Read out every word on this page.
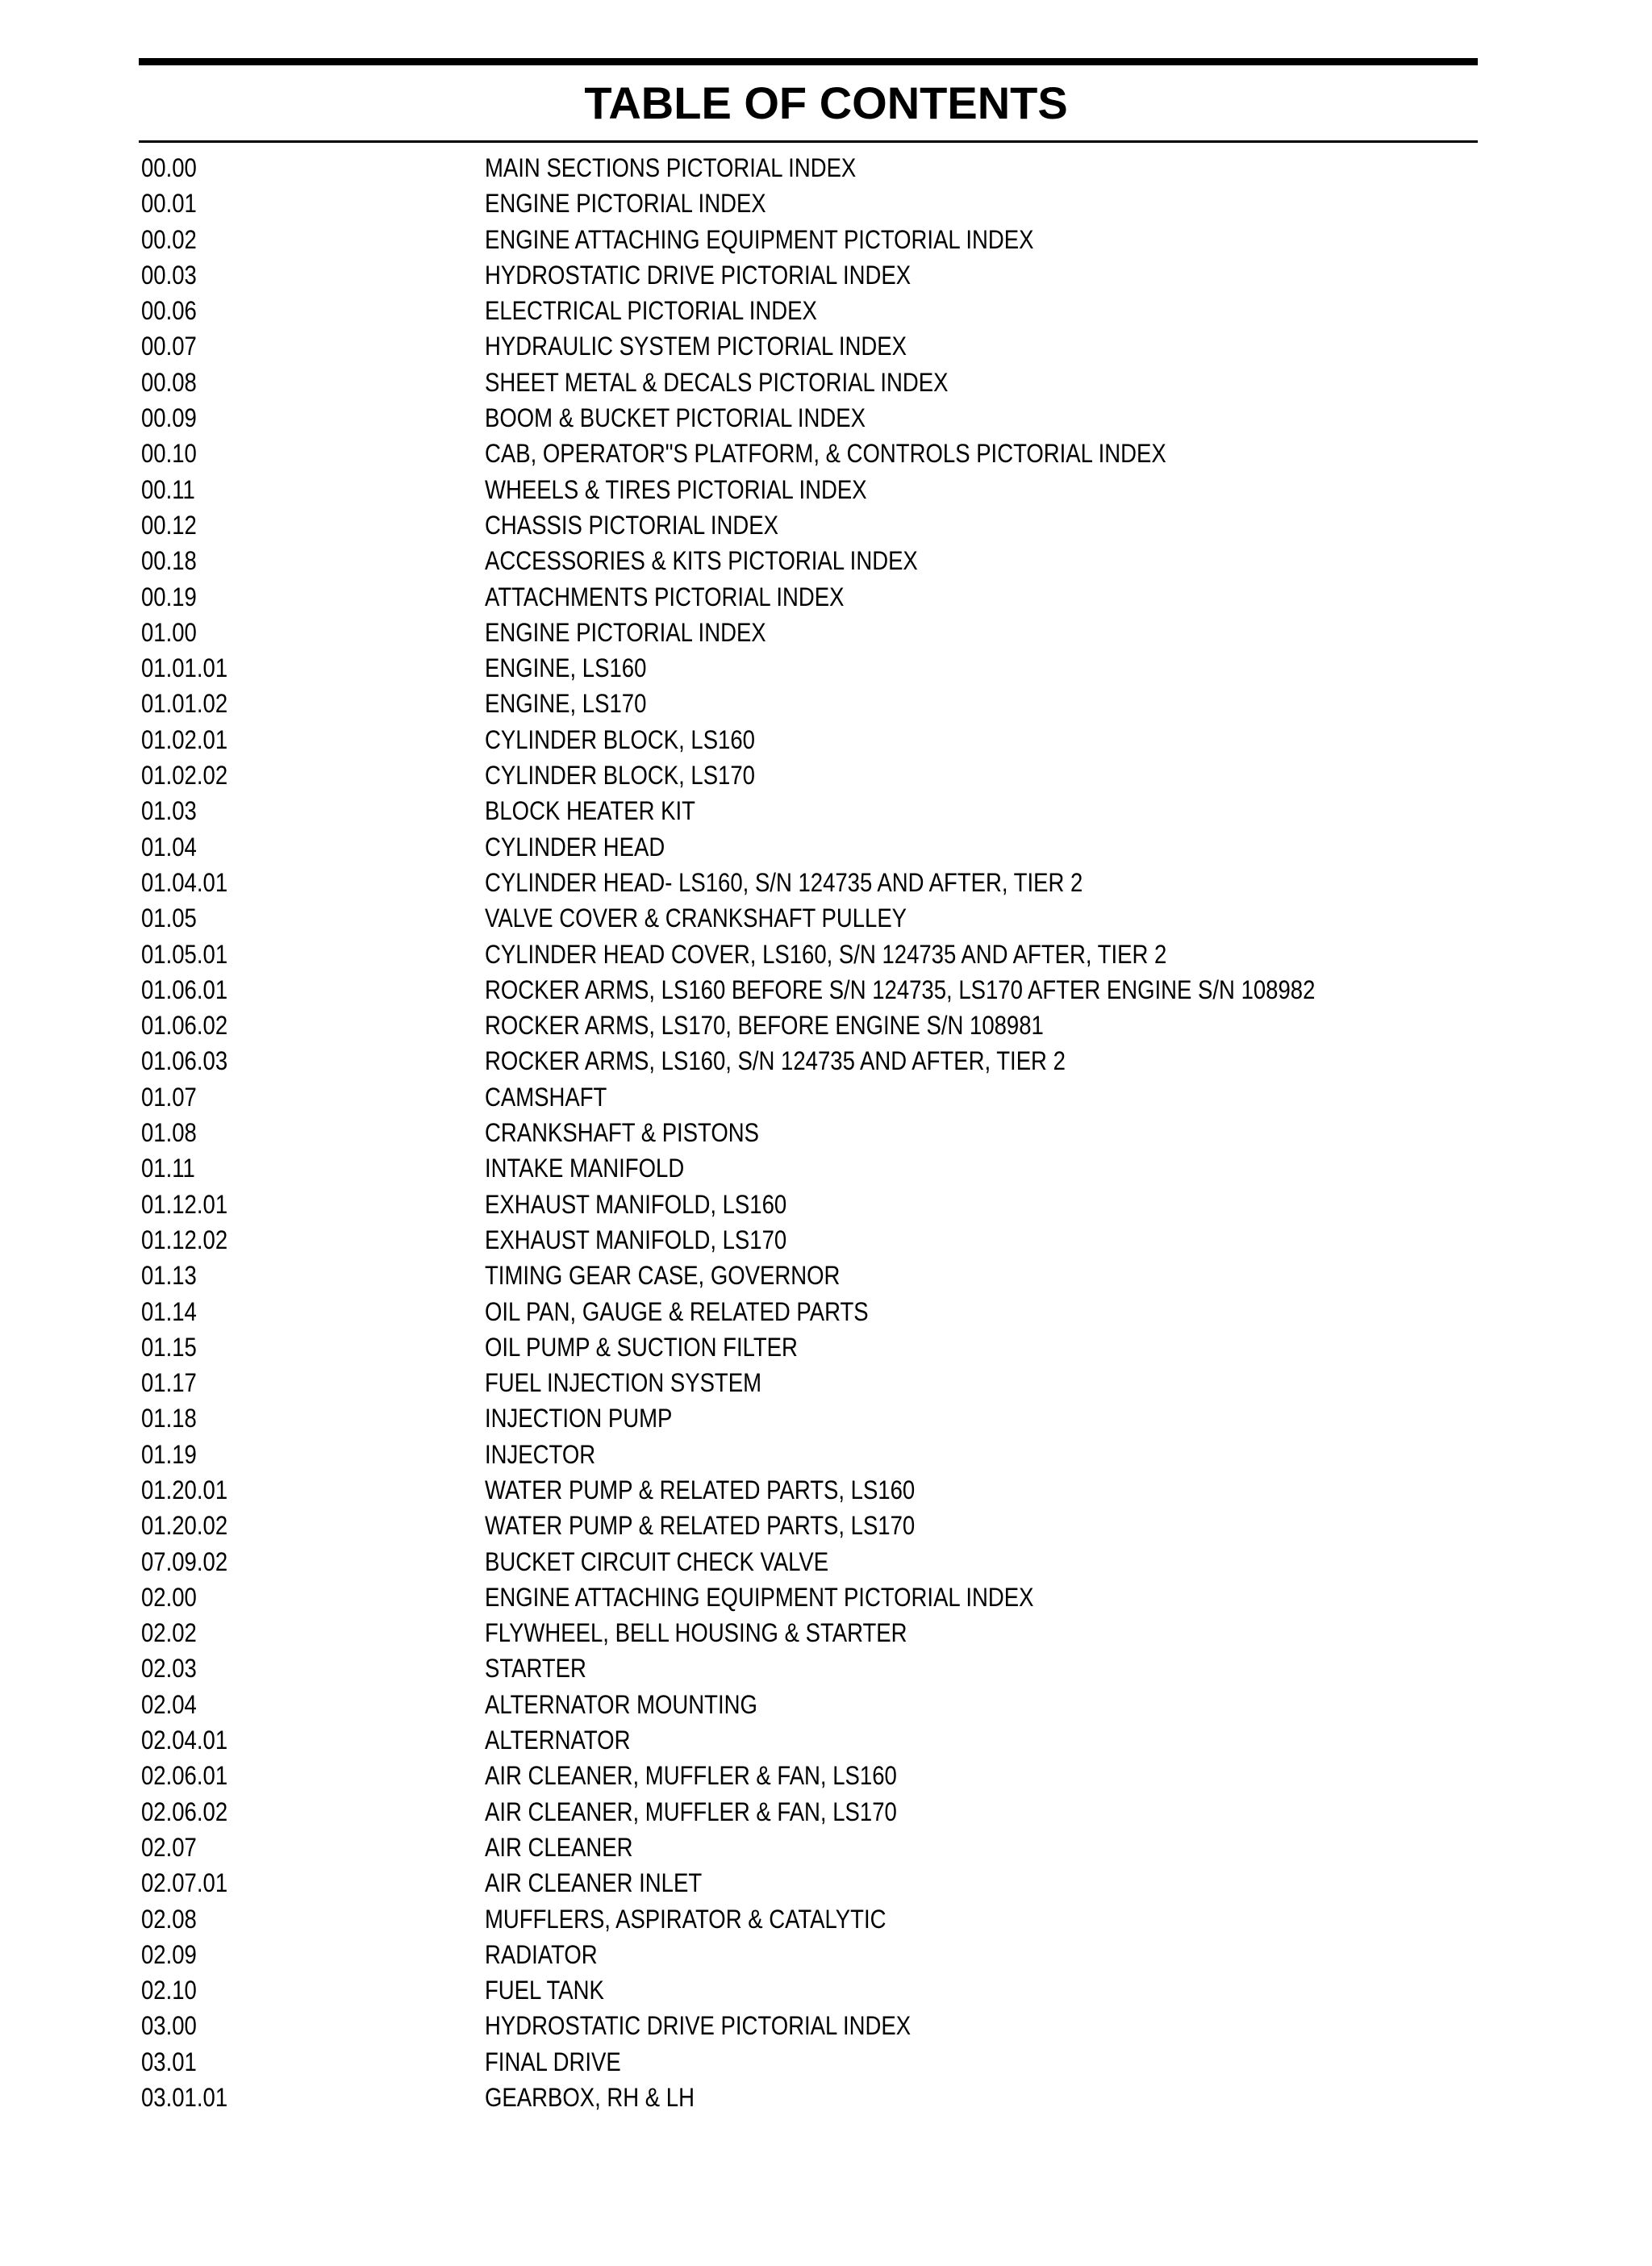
TABLE OF CONTENTS
00.00	MAIN SECTIONS PICTORIAL INDEX
00.01	ENGINE PICTORIAL INDEX
00.02	ENGINE ATTACHING EQUIPMENT PICTORIAL INDEX
00.03	HYDROSTATIC DRIVE PICTORIAL INDEX
00.06	ELECTRICAL PICTORIAL INDEX
00.07	HYDRAULIC SYSTEM PICTORIAL INDEX
00.08	SHEET METAL & DECALS PICTORIAL INDEX
00.09	BOOM & BUCKET PICTORIAL INDEX
00.10	CAB, OPERATOR"S PLATFORM, & CONTROLS PICTORIAL INDEX
00.11	WHEELS & TIRES PICTORIAL INDEX
00.12	CHASSIS PICTORIAL INDEX
00.18	ACCESSORIES & KITS PICTORIAL INDEX
00.19	ATTACHMENTS PICTORIAL INDEX
01.00	ENGINE PICTORIAL INDEX
01.01.01	ENGINE, LS160
01.01.02	ENGINE, LS170
01.02.01	CYLINDER BLOCK, LS160
01.02.02	CYLINDER BLOCK, LS170
01.03	BLOCK HEATER KIT
01.04	CYLINDER HEAD
01.04.01	CYLINDER HEAD- LS160, S/N 124735 AND AFTER, TIER 2
01.05	VALVE COVER & CRANKSHAFT PULLEY
01.05.01	CYLINDER HEAD COVER, LS160, S/N 124735 AND AFTER, TIER 2
01.06.01	ROCKER ARMS, LS160 BEFORE S/N 124735, LS170 AFTER ENGINE S/N 108982
01.06.02	ROCKER ARMS, LS170, BEFORE ENGINE S/N 108981
01.06.03	ROCKER ARMS, LS160, S/N 124735 AND AFTER, TIER 2
01.07	CAMSHAFT
01.08	CRANKSHAFT & PISTONS
01.11	INTAKE MANIFOLD
01.12.01	EXHAUST MANIFOLD, LS160
01.12.02	EXHAUST MANIFOLD, LS170
01.13	TIMING GEAR CASE, GOVERNOR
01.14	OIL PAN, GAUGE & RELATED PARTS
01.15	OIL PUMP & SUCTION FILTER
01.17	FUEL INJECTION SYSTEM
01.18	INJECTION PUMP
01.19	INJECTOR
01.20.01	WATER PUMP & RELATED PARTS, LS160
01.20.02	WATER PUMP & RELATED PARTS, LS170
07.09.02	BUCKET CIRCUIT CHECK VALVE
02.00	ENGINE ATTACHING EQUIPMENT PICTORIAL INDEX
02.02	FLYWHEEL, BELL HOUSING & STARTER
02.03	STARTER
02.04	ALTERNATOR MOUNTING
02.04.01	ALTERNATOR
02.06.01	AIR CLEANER, MUFFLER & FAN, LS160
02.06.02	AIR CLEANER, MUFFLER & FAN, LS170
02.07	AIR CLEANER
02.07.01	AIR CLEANER INLET
02.08	MUFFLERS, ASPIRATOR & CATALYTIC
02.09	RADIATOR
02.10	FUEL TANK
03.00	HYDROSTATIC DRIVE PICTORIAL INDEX
03.01	FINAL DRIVE
03.01.01	GEARBOX, RH & LH
